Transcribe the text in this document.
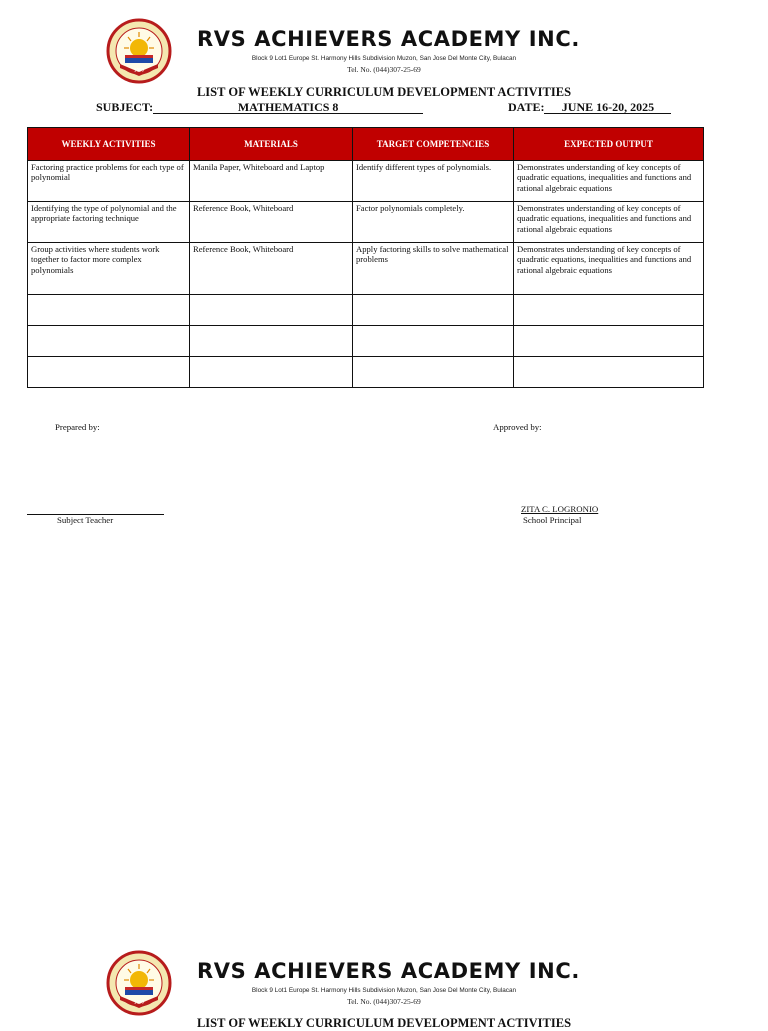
1999
RVS ACHIEVERS ACADEMY INC.
Block 9 Lot1 Europe St. Harmony Hills Subdivision Muzon, San Jose Del Monte City, Bulacan
Tel. No. (044)307-25-69
LIST OF WEEKLY CURRICULUM DEVELOPMENT ACTIVITIES
SUBJECT:	MATHEMATICS 8	DATE: JUNE 16-20, 2025
WEEKLY ACTIVITIES	MATERIALS	TARGET COMPETENCIES	EXPECTED OUTPUT
Factoring practice problems for each type of polynomial	Manila Paper, Whiteboard and Laptop	Identify different types of polynomials.	Demonstrates understanding of key concepts of quadratic equations, inequalities and functions and rational algebraic equations
Identifying the type of polynomial and the appropriate factoring technique	Reference Book, Whiteboard	Factor polynomials completely.	Demonstrates understanding of key concepts of quadratic equations, inequalities and functions and rational algebraic equations
Group activities where students work together to factor more complex polynomials	Reference Book, Whiteboard	Apply factoring skills to solve mathematical problems	Demonstrates understanding of key concepts of quadratic equations, inequalities and functions and rational algebraic equations

Prepared by:	Approved by:
Subject Teacher
ZITA C. LOGRONIO
School Principal
1999
RVS ACHIEVERS ACADEMY INC.
Block 9 Lot1 Europe St. Harmony Hills Subdivision Muzon, San Jose Del Monte City, Bulacan
Tel. No. (044)307-25-69
LIST OF WEEKLY CURRICULUM DEVELOPMENT ACTIVITIES
